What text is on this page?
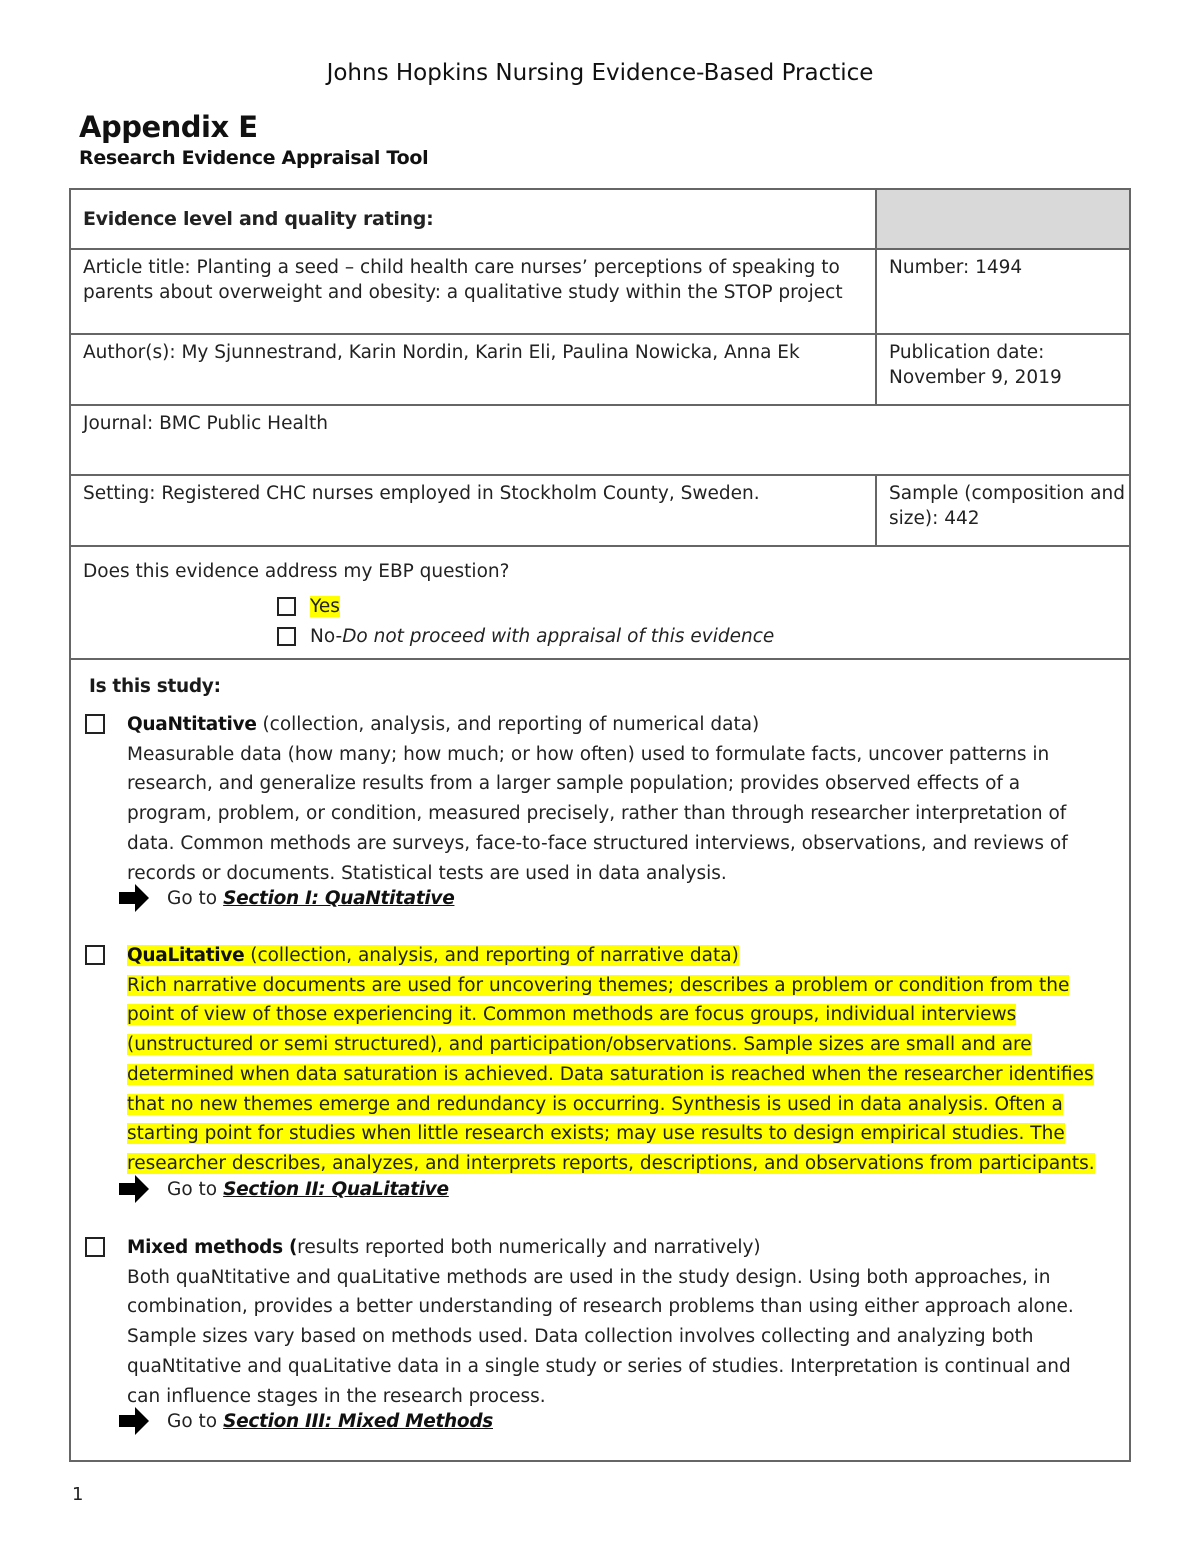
Johns Hopkins Nursing Evidence-Based Practice
Appendix E
Research Evidence Appraisal Tool
Evidence level and quality rating:
Article title: Planting a seed – child health care nurses’ perceptions of speaking to
parents about overweight and obesity: a qualitative study within the STOP project
Number: 1494
Author(s): My Sjunnestrand, Karin Nordin, Karin Eli, Paulina Nowicka, Anna Ek	Publication date:
November 9, 2019
Journal: BMC Public Health
Setting: Registered CHC nurses employed in Stockholm County, Sweden.	Sample (composition and
size): 442
Does this evidence address my EBP question?
Yes
No- Do not proceed with appraisal of this evidence
Is this study:
QuaNtitative (collection, analysis, and reporting of numerical data)
Measurable data (how many; how much; or how often) used to formulate facts, uncover patterns in
research, and generalize results from a larger sample population; provides observed effects of a
program, problem, or condition, measured precisely, rather than through researcher interpretation of
data. Common methods are surveys, face-to-face structured interviews, observations, and reviews of
records or documents. Statistical tests are used in data analysis.
Go to Section I: QuaNtitative
QuaLitative (collection, analysis, and reporting of narrative data)
Rich narrative documents are used for uncovering themes; describes a problem or condition from the
point of view of those experiencing it. Common methods are focus groups, individual interviews
(unstructured or semi structured), and participation/observations. Sample sizes are small and are
determined when data saturation is achieved. Data saturation is reached when the researcher identifies
that no new themes emerge and redundancy is occurring. Synthesis is used in data analysis. Often a
starting point for studies when little research exists; may use results to design empirical studies. The
researcher describes, analyzes, and interprets reports, descriptions, and observations from participants.
Go to Section II: QuaLitative
Mixed methods (results reported both numerically and narratively)
Both quaNtitative and quaLitative methods are used in the study design. Using both approaches, in
combination, provides a better understanding of research problems than using either approach alone.
Sample sizes vary based on methods used. Data collection involves collecting and analyzing both
quaNtitative and quaLitative data in a single study or series of studies. Interpretation is continual and
can influence stages in the research process.
Go to Section III: Mixed Methods
1
